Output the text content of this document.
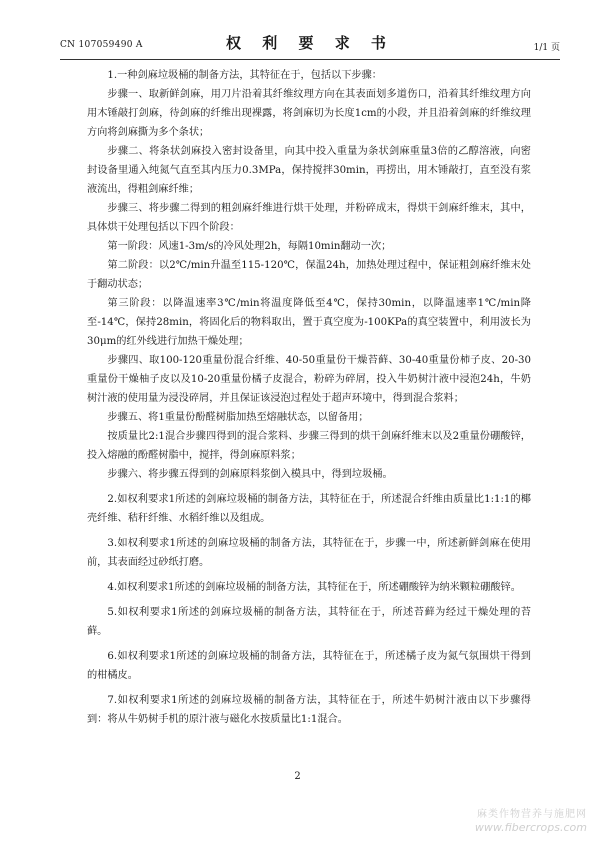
CN 107059490 A	权 利 要 求 书	1/1 页

1.一种剑麻垃圾桶的制备方法，其特征在于，包括以下步骤：

步骤一、取新鲜剑麻，用刀片沿着其纤维纹理方向在其表面划多道伤口，沿着其纤维纹理方向用木锤敲打剑麻，待剑麻的纤维出现裸露，将剑麻切为长度1cm的小段，并且沿着剑麻的纤维纹理方向将剑麻撕为多个条状；

步骤二、将条状剑麻投入密封设备里，向其中投入重量为条状剑麻重量3倍的乙醇溶液，向密封设备里通入纯氮气直至其内压力0.3MPa，保持搅拌30min，再捞出，用木锤敲打，直至没有浆液流出，得粗剑麻纤维；

步骤三、将步骤二得到的粗剑麻纤维进行烘干处理，并粉碎成末，得烘干剑麻纤维末，其中，具体烘干处理包括以下四个阶段：

第一阶段：风速1-3m/s的冷风处理2h，每隔10min翻动一次；

第二阶段：以2℃/min升温至115-120℃，保温24h，加热处理过程中，保证粗剑麻纤维末处于翻动状态；

第三阶段：以降温速率3℃/min将温度降低至4℃，保持30min，以降温速率1℃/min降至-14℃，保持28min，将固化后的物料取出，置于真空度为-100KPa的真空装置中，利用波长为30μm的红外线进行加热干燥处理；

步骤四、取100-120重量份混合纤维、40-50重量份干燥苔藓、30-40重量份柿子皮、20-30重量份干燥柚子皮以及10-20重量份橘子皮混合，粉碎为碎屑，投入牛奶树汁液中浸泡24h，牛奶树汁液的使用量为浸没碎屑，并且保证该浸泡过程处于超声环境中，得到混合浆料；

步骤五、将1重量份酚醛树脂加热至熔融状态，以留备用；

按质量比2:1混合步骤四得到的混合浆料、步骤三得到的烘干剑麻纤维末以及2重量份硼酸锌，投入熔融的酚醛树脂中，搅拌，得剑麻原料浆；

步骤六、将步骤五得到的剑麻原料浆倒入模具中，得到垃圾桶。

2.如权利要求1所述的剑麻垃圾桶的制备方法，其特征在于，所述混合纤维由质量比1:1:1的椰壳纤维、秸秆纤维、水稻纤维以及组成。

3.如权利要求1所述的剑麻垃圾桶的制备方法，其特征在于，步骤一中，所述新鲜剑麻在使用前，其表面经过砂纸打磨。

4.如权利要求1所述的剑麻垃圾桶的制备方法，其特征在于，所述硼酸锌为纳米颗粒硼酸锌。

5.如权利要求1所述的剑麻垃圾桶的制备方法，其特征在于，所述苔藓为经过干燥处理的苔藓。

6.如权利要求1所述的剑麻垃圾桶的制备方法，其特征在于，所述橘子皮为氮气氛围烘干得到的柑橘皮。

7.如权利要求1所述的剑麻垃圾桶的制备方法，其特征在于，所述牛奶树汁液由以下步骤得到：将从牛奶树手机的原汁液与磁化水按质量比1:1混合。

2
麻类作物营养与施肥网
www.fibercrops.com
